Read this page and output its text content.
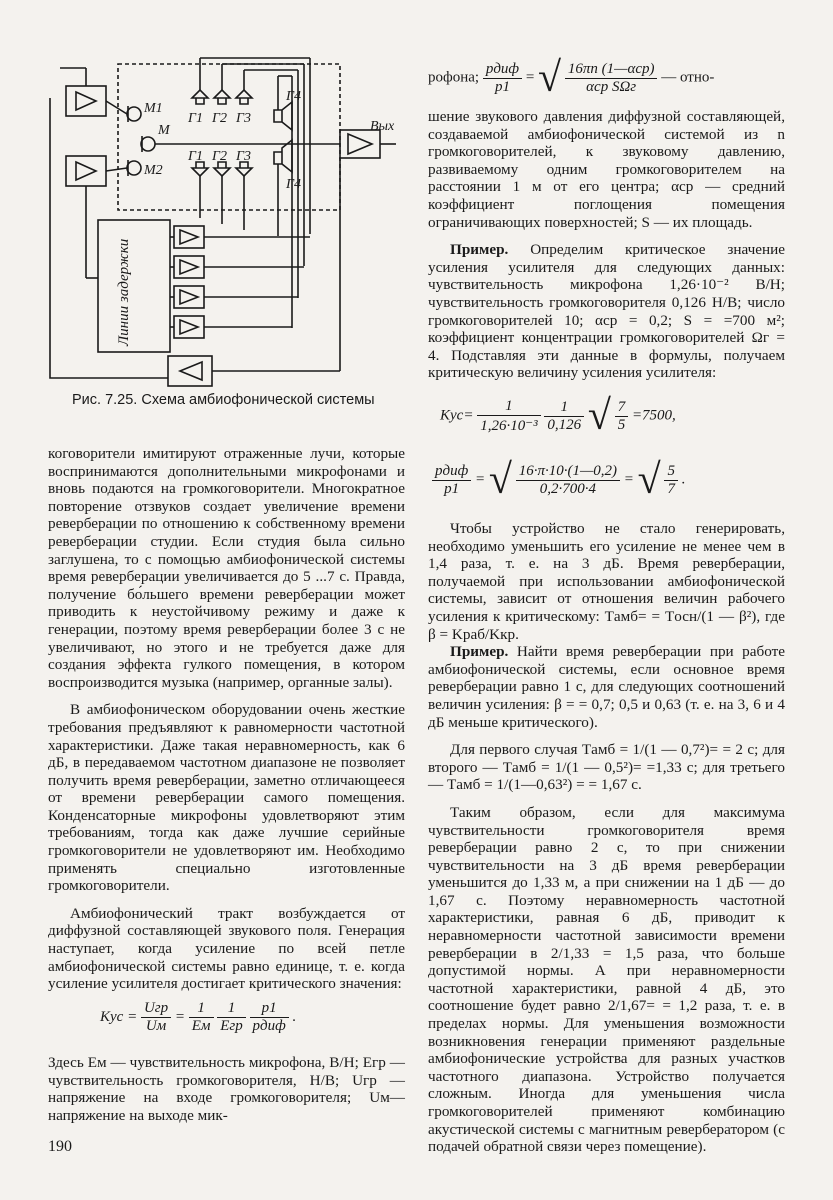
M1
M
M2
Г1 Г2 Г3
Г4
Г1 Г2 Г3
Г4
Вых
Линии задержки
Рис. 7.25. Схема амбиофонической системы
рофона; $\frac{\text{pдиф}}{p1}$ = √ $\frac{\text{16πn (1—αср)}}{\text{αср SΩг}}$ — отно-

шение звукового давления диффузной составляющей, создаваемой амбиофонической системой из n громкоговорителей, к звуковому давлению, развиваемому одним громкоговорителем на расстоянии 1 м от его центра; αср — средний коэффициент поглощения помещения ограничивающих поверхностей; S — их площадь.

Пример. Определим критическое значение усиления усилителя для следующих данных: чувствительность микрофона 1,26·10⁻² В/Н; чувствительность громкоговорителя 0,126 Н/В; число громкоговорителей 10; αср = 0,2; S = =700 м²; коэффициент концентрации громкоговорителей Ωг = 4. Подставляя эти данные в формулы, получаем критическую величину усиления усилителя:

$Kус= \frac{1}{\text{1,26·10⁻³}}$
$\frac{1}{0,126}$ √ $\frac{7}{5} =7500$,
$\frac{\text{pдиф}}{p1}$ = √ $\frac{16\cdot\pi\cdot 10\cdot(1—0,2)}{0,2\cdot 700\cdot 4}$ = √ $\frac{5}{7}$ .

Чтобы устройство не стало генерировать, необходимо уменьшить его усиление не менее чем в 1,4 раза, т. е. на 3 дБ. Время реверберации, получаемой при использовании амбиофонической системы, зависит от отношения величин рабочего усиления к критическому: Tамб= = Tосн/(1 — β²), где β = Kраб/Kкр.

Пример. Найти время реверберации при работе амбиофонической системы, если основное время реверберации равно 1 с, для следующих соотношений величин усиления: β = = 0,7; 0,5 и 0,63 (т. е. на 3, 6 и 4 дБ меньше критического).

Для первого случая Tамб = 1/(1 — 0,7²)= = 2 с; для второго — Tамб = 1/(1 — 0,5²)= =1,33 с; для третьего — Tамб = 1/(1—0,63²) = = 1,67 с.

Таким образом, если для максимума чувствительности громкоговорителя время реверберации равно 2 с, то при снижении чувствительности на 3 дБ время реверберации уменьшится до 1,33 м, а при снижении на 1 дБ — до 1,67 с. Поэтому неравномерность частотной характеристики, равная 6 дБ, приводит к неравномерности частотной зависимости времени реверберации в 2/1,33 = 1,5 раза, что больше допустимой нормы. А при неравномерности частотной характеристики, равной 4 дБ, это соотношение будет равно 2/1,67= = 1,2 раза, т. е. в пределах нормы. Для уменьшения возможности возникновения генерации применяют раздельные амбиофонические устройства для разных участков частотного диапазона. Устройство получается сложным. Иногда для уменьшения числа громкоговорителей применяют комбинацию акустической системы с магнитным ревербератором (с подачей обратной связи через помещение).

коговорители имитируют отраженные лучи, которые воспринимаются дополнительными микрофонами и вновь подаются на громкоговорители. Многократное повторение отзвуков создает увеличение времени реверберации по отношению к собственному времени реверберации студии. Если студия была сильно заглушена, то с помощью амбиофонической системы время реверберации увеличивается до 5 ...7 с. Правда, получение бо́льшего времени реверберации может приводить к неустойчивому режиму и даже к генерации, поэтому время реверберации более 3 с не увеличивают, но этого и не требуется даже для создания эффекта гулкого помещения, в котором воспроизводится музыка (например, органные залы).

В амбиофоническом оборудовании очень жесткие требования предъявляют к равномерности частотной характеристики. Даже такая неравномерность, как 6 дБ, в передаваемом частотном диапазоне не позволяет получить время реверберации, заметно отличающееся от времени реверберации самого помещения. Конденсаторные микрофоны удовлетворяют этим требованиям, тогда как даже лучшие серийные громкоговорители не удовлетворяют им. Необходимо применять специально изготовленные громкоговорители.

Амбиофонический тракт возбуждается от диффузной составляющей звукового поля. Генерация наступает, когда усиление по всей петле амбиофонической системы равно единице, т. е. когда усиление усилителя достигает критического значения:

Kус = $\frac{\text{Uгр}}{Uм} = \frac{1}{Eм}$
$\frac{1}{\text{Eгр}}$
$\frac{p1}{\text{pдиф}}$ .

Здесь Eм — чувствительность микрофона, В/Н; Eгр — чувствительность громкоговорителя, Н/В; Uгр — напряжение на входе громкоговорителя; Uм—напряжение на выходе мик-

190
